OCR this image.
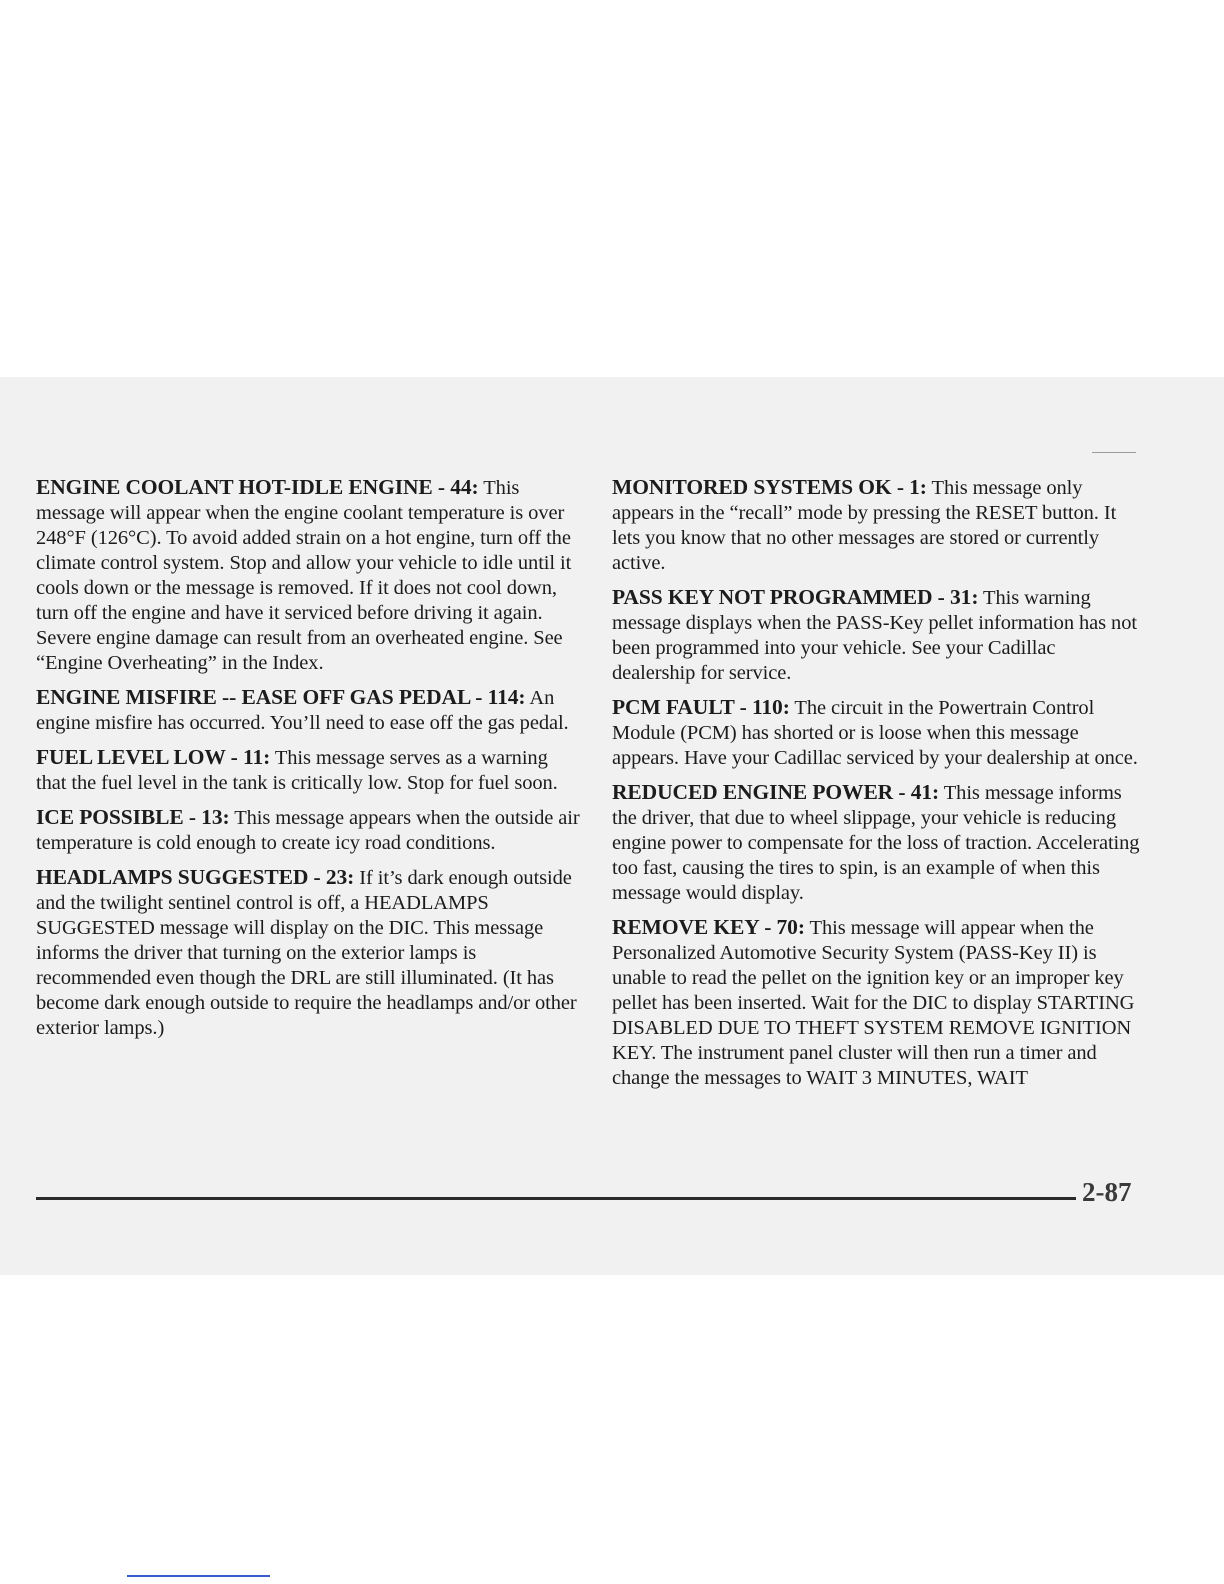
ENGINE COOLANT HOT-IDLE ENGINE - 44: This message will appear when the engine coolant temperature is over 248°F (126°C). To avoid added strain on a hot engine, turn off the climate control system. Stop and allow your vehicle to idle until it cools down or the message is removed. If it does not cool down, turn off the engine and have it serviced before driving it again. Severe engine damage can result from an overheated engine. See “Engine Overheating” in the Index.

ENGINE MISFIRE -- EASE OFF GAS PEDAL - 114: An engine misfire has occurred. You’ll need to ease off the gas pedal.

FUEL LEVEL LOW - 11: This message serves as a warning that the fuel level in the tank is critically low. Stop for fuel soon.

ICE POSSIBLE - 13: This message appears when the outside air temperature is cold enough to create icy road conditions.

HEADLAMPS SUGGESTED - 23: If it’s dark enough outside and the twilight sentinel control is off, a HEADLAMPS SUGGESTED message will display on the DIC. This message informs the driver that turning on the exterior lamps is recommended even though the DRL are still illuminated. (It has become dark enough outside to require the headlamps and/or other exterior lamps.)

MONITORED SYSTEMS OK - 1: This message only appears in the “recall” mode by pressing the RESET button. It lets you know that no other messages are stored or currently active.

PASS KEY NOT PROGRAMMED - 31: This warning message displays when the PASS-Key pellet information has not been programmed into your vehicle. See your Cadillac dealership for service.

PCM FAULT - 110: The circuit in the Powertrain Control Module (PCM) has shorted or is loose when this message appears. Have your Cadillac serviced by your dealership at once.

REDUCED ENGINE POWER - 41: This message informs the driver, that due to wheel slippage, your vehicle is reducing engine power to compensate for the loss of traction. Accelerating too fast, causing the tires to spin, is an example of when this message would display.

REMOVE KEY - 70: This message will appear when the Personalized Automotive Security System (PASS-Key II) is unable to read the pellet on the ignition key or an improper key pellet has been inserted. Wait for the DIC to display STARTING DISABLED DUE TO THEFT SYSTEM REMOVE IGNITION KEY. The instrument panel cluster will then run a timer and change the messages to WAIT 3 MINUTES, WAIT

2-87
